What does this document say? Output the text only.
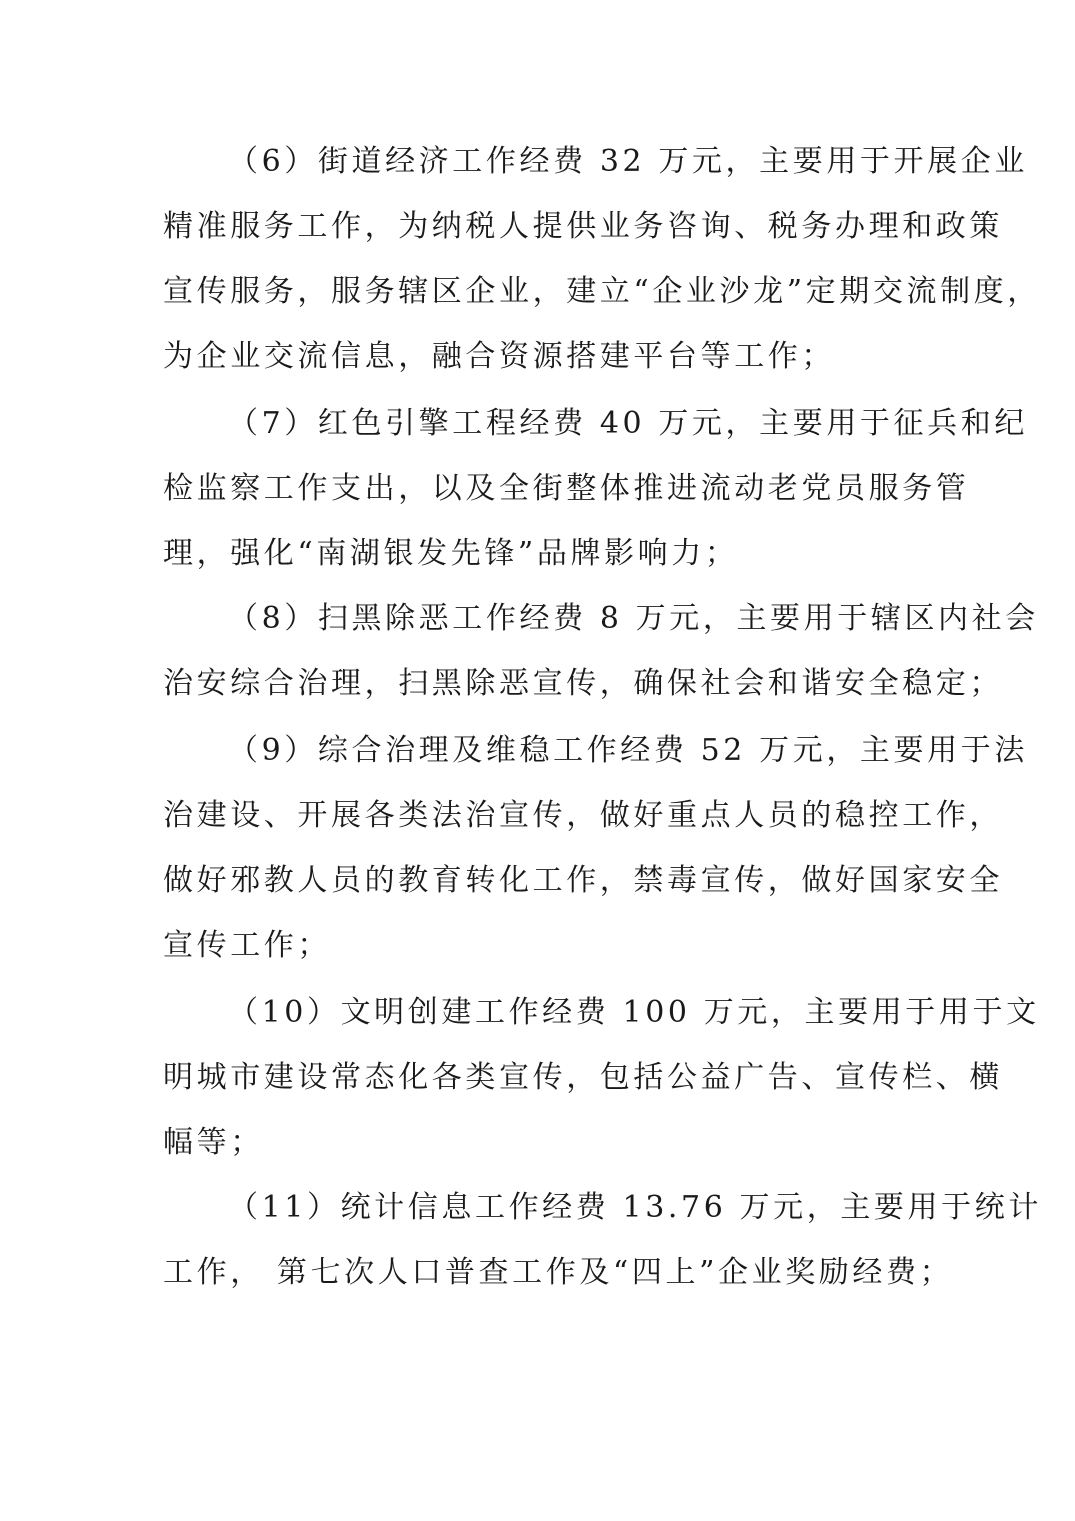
（6）街道经济工作经费 32 万元，主要用于开展企业
精准服务工作，为纳税人提供业务咨询、税务办理和政策
宣传服务，服务辖区企业，建立“企业沙龙”定期交流制度，
为企业交流信息，融合资源搭建平台等工作；
（7）红色引擎工程经费 40 万元，主要用于征兵和纪
检监察工作支出，以及全街整体推进流动老党员服务管
理，强化“南湖银发先锋”品牌影响力；
（8）扫黑除恶工作经费 8 万元，主要用于辖区内社会
治安综合治理，扫黑除恶宣传，确保社会和谐安全稳定；
（9）综合治理及维稳工作经费 52 万元，主要用于法
治建设、开展各类法治宣传，做好重点人员的稳控工作，
做好邪教人员的教育转化工作，禁毒宣传，做好国家安全
宣传工作；
（10）文明创建工作经费 100 万元，主要用于用于文
明城市建设常态化各类宣传，包括公益广告、宣传栏、横
幅等；
（11）统计信息工作经费 13.76 万元，主要用于统计
工作， 第七次人口普查工作及“四上”企业奖励经费；
